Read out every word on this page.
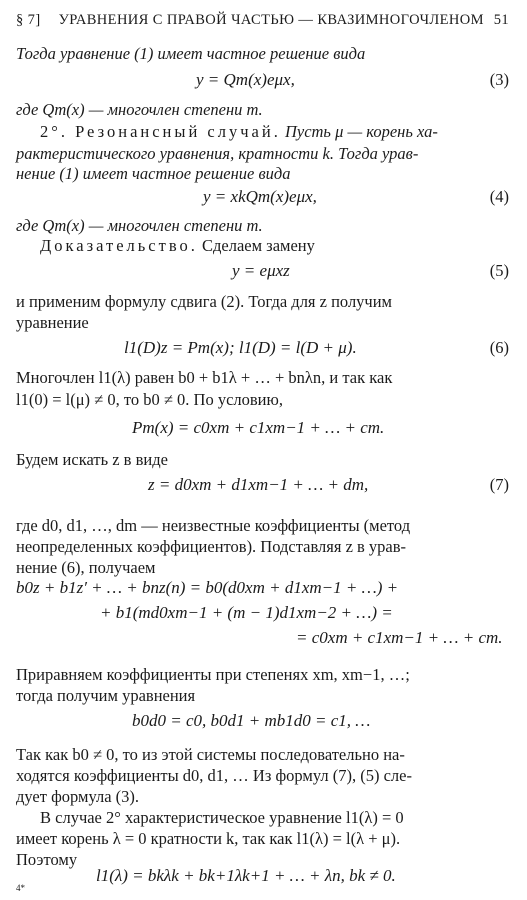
§ 7] УРАВНЕНИЯ С ПРАВОЙ ЧАСТЬЮ — КВАЗИМНОГОЧЛЕНОМ 51
Тогда уравнение (1) имеет частное решение вида
y = Qm(x)eμx,	(3)
где Qm(x) — многочлен степени m.
2°. Резонансный случай. Пусть μ — корень ха-
рактеристического уравнения, кратности k. Тогда урав-
нение (1) имеет частное решение вида
y = xkQm(x)eμx,	(4)
где Qm(x) — многочлен степени m.
Доказательство. Сделаем замену
y = eμxz	(5)
и применим формулу сдвига (2). Тогда для z получим
уравнение
l1(D)z = Pm(x); l1(D) = l(D + μ).	(6)
Многочлен l1(λ) равен b0 + b1λ + … + bnλn, и так как
l1(0) = l(μ) ≠ 0, то b0 ≠ 0. По условию,
Pm(x) = c0xm + c1xm−1 + … + cm.
Будем искать z в виде
z = d0xm + d1xm−1 + … + dm,	(7)
где d0, d1, …, dm — неизвестные коэффициенты (метод
неопределенных коэффициентов). Подставляя z в урав-
нение (6), получаем
b0z + b1z′ + … + bnz(n) = b0(d0xm + d1xm−1 + …) +
+ b1(md0xm−1 + (m − 1)d1xm−2 + …) =
= c0xm + c1xm−1 + … + cm.
Приравняем коэффициенты при степенях xm, xm−1, …;
тогда получим уравнения
b0d0 = c0, b0d1 + mb1d0 = c1, …
Так как b0 ≠ 0, то из этой системы последовательно на-
ходятся коэффициенты d0, d1, … Из формул (7), (5) сле-
дует формула (3).
В случае 2° характеристическое уравнение l1(λ) = 0
имеет корень λ = 0 кратности k, так как l1(λ) = l(λ + μ).
Поэтому
l1(λ) = bkλk + bk+1λk+1 + … + λn, bk ≠ 0.
4*
